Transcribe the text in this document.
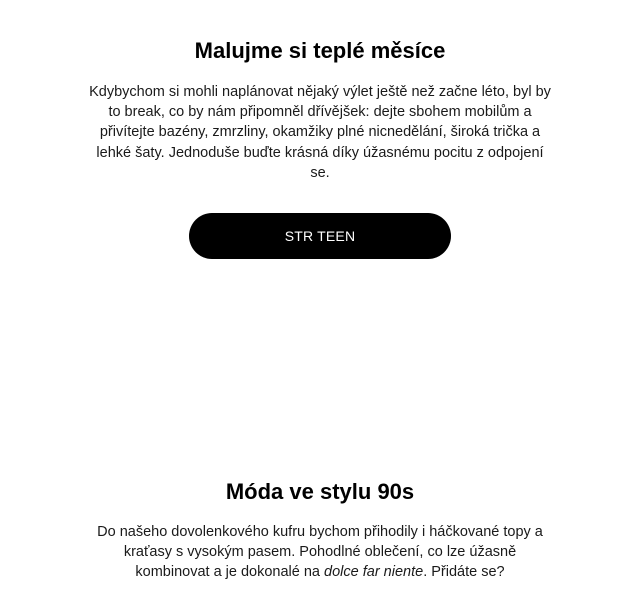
Malujme si teplé měsíce

Kdybychom si mohli naplánovat nějaký výlet ještě než začne léto, byl by to break, co by nám připomněl dřívějšek: dejte sbohem mobilům a přivítejte bazény, zmrzliny, okamžiky plné nicnedělání, široká trička a lehké šaty. Jednoduše buďte krásná díky úžasnému pocitu z odpojení se.

STR TEEN
Móda ve stylu 90s

Do našeho dovolenkového kufru bychom přihodily i háčkované topy a kraťasy s vysokým pasem. Pohodlné oblečení, co lze úžasně kombinovat a je dokonalé na dolce far niente. Přidáte se?
